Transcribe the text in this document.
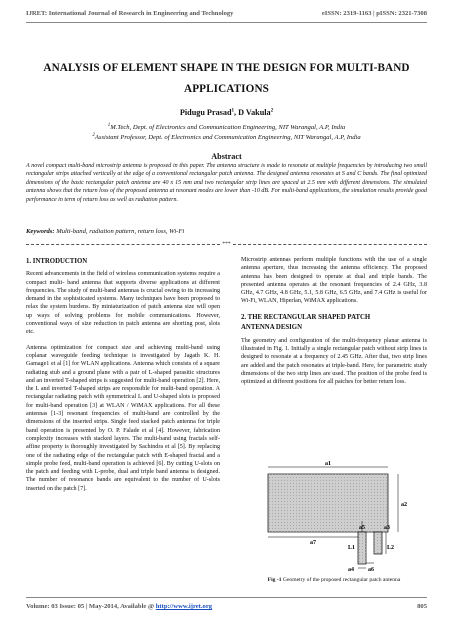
IJRET: International Journal of Research in Engineering and Technology	eISSN: 2319-1163 | pISSN: 2321-7308
ANALYSIS OF ELEMENT SHAPE IN THE DESIGN FOR MULTI-BAND
APPLICATIONS
Pidugu Prasad$^1$, D Vakula$^2$
$^1$M.Tech, Dept. of Electronics and Communication Engineering, NIT Warangal, A.P, India
$^2$Assistant Professor, Dept. of Electronics and Communication Engineering, NIT Warangal, A.P, India
Abstract
A novel compact multi-band microstrip antenna is proposed in this paper. The antenna structure is made to resonate at multiple frequencies by introducing two small rectangular strips attached vertically at the edge of a conventional rectangular patch antenna. The designed antenna resonates at S and C bands. The final optimized dimensions of the basic rectangular patch antenna are 40 x 15 mm and two rectangular strip lines are spaced at 2.5 mm with different dimensions. The simulated antenna shows that the return loss of the proposed antenna at resonant modes are lower than -10 dB. For multi-band applications, the simulation results provide good performance in term of return loss as well as radiation pattern.
Keywords: Multi-band, radiation pattern, return loss, Wi-Fi
***
1. INTRODUCTION
Recent advancements in the field of wireless communication systems require a compact multi- band antenna that supports diverse applications at different frequencies. The study of multi-band antennas is crucial owing to its increasing demand in the sophisticated systems. Many techniques have been proposed to relax the system burdens. By miniaturization of patch antenna size will open up ways of solving problems for mobile communications. However, conventional ways of size reduction in patch antenna are shorting post, slots etc.
Antenna optimization for compact size and achieving multi-band using coplanar waveguide feeding technique is investigated by Jagath K. H. Gamage1 et al [1] for WLAN applications. Antenna which consists of a square radiating stub and a ground plane with a pair of L-shaped parasitic structures and an inverted T-shaped strips is suggested for multi-band operation [2]. Here, the L and inverted T-shaped strips are responsible for multi-band operation. A rectangular radiating patch with symmetrical L and U-shaped slots is proposed for multi-band operation [3] at WLAN / WiMAX applications. For all these antennas [1-3] resonant frequencies of multi-band are controlled by the dimensions of the inserted strips. Single feed stacked patch antenna for triple band operation is presented by O. P. Falade et al [4]. However, fabrication complexity increases with stacked layers. The multi-band using fractals self-affine property is thoroughly investigated by Sachindra et al [5]. By replacing one of the radiating edge of the rectangular patch with E-shaped fractal and a simple probe feed, multi-band operation is achieved [6]. By cutting U-slots on the patch and feeding with L-probe, dual and triple band antenna is designed. The number of resonance bands are equivalent to the number of U-slots inserted on the patch [7].
Microstrip antennas perform multiple functions with the use of a single antenna aperture, thus increasing the antenna efficiency. The proposed antenna has been designed to operate at dual and triple bands. The presented antenna operates at the resonant frequencies of 2.4 GHz, 3.8 GHz, 4.7 GHz, 4.8 GHz, 5.1, 5.8 GHz, 6.5 GHz, and 7.4 GHz is useful for Wi-Fi, WLAN, Hiperlan, WiMAX applications.
2. THE RECTANGULAR SHAPED PATCH
ANTENNA DESIGN
The geometry and configuration of the multi-frequency planar antenna is illustrated in Fig. 1. Initially a single rectangular patch without strip lines is designed to resonate at a frequency of 2.45 GHz. After that, two strip lines are added and the patch resonates at triple-band. Here, for parametric study dimensions of the two strip lines are used. The position of the probe feed is optimized at different positions for all patches for better return loss.
a1
a2
a3
a5
a7
L1	L2
a4 a6
Fig -1 Geometry of the proposed rectangular patch antenna
Volume: 03 Issue: 05 | May-2014, Available @ http://www.ijret.org	805
